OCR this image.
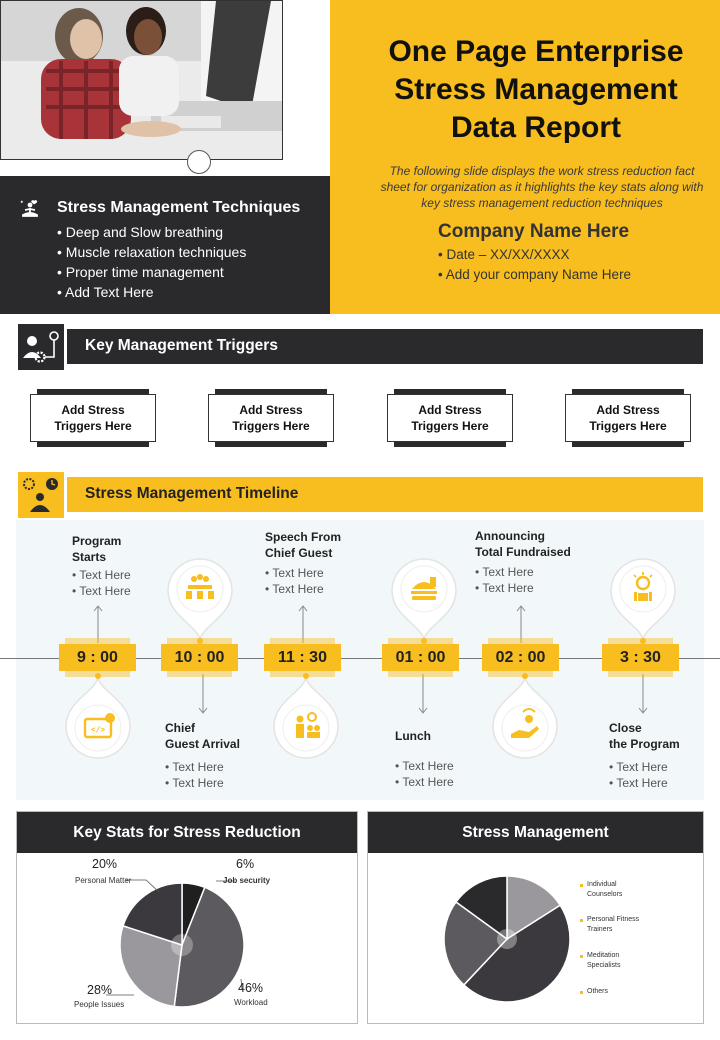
One Page Enterprise
Stress Management
Data Report
The following slide displays the work stress reduction fact
sheet for organization as it highlights the key stats along with
key stress management reduction techniques
Company Name Here
• Date – XX/XX/XXXX
• Add your company Name Here
Stress Management Techniques
• Deep and Slow breathing
• Muscle relaxation techniques
• Proper time management
• Add Text Here
Key Management Triggers
Add Stress
Triggers Here
Add Stress
Triggers Here
Add Stress
Triggers Here
Add Stress
Triggers Here
Stress Management Timeline
Program
Starts
• Text Here
• Text Here
Speech From
Chief Guest
• Text Here
• Text Here
Announcing
Total Fundraised
• Text Here
• Text Here
Chief
Guest Arrival
• Text Here
• Text Here
Lunch
• Text Here
• Text Here
Close
the Program
• Text Here
• Text Here
</>
9 : 00	10 : 00	11 : 30	01 : 00	02 : 00	3 : 30
Key Stats for Stress Reduction
20%
Personal Matter
6%
Job security
46%
Workload
28%
People Issues
Stress Management
Individual
Counselors
Personal Fitness
Trainers
Meditation
Specialists
Others
